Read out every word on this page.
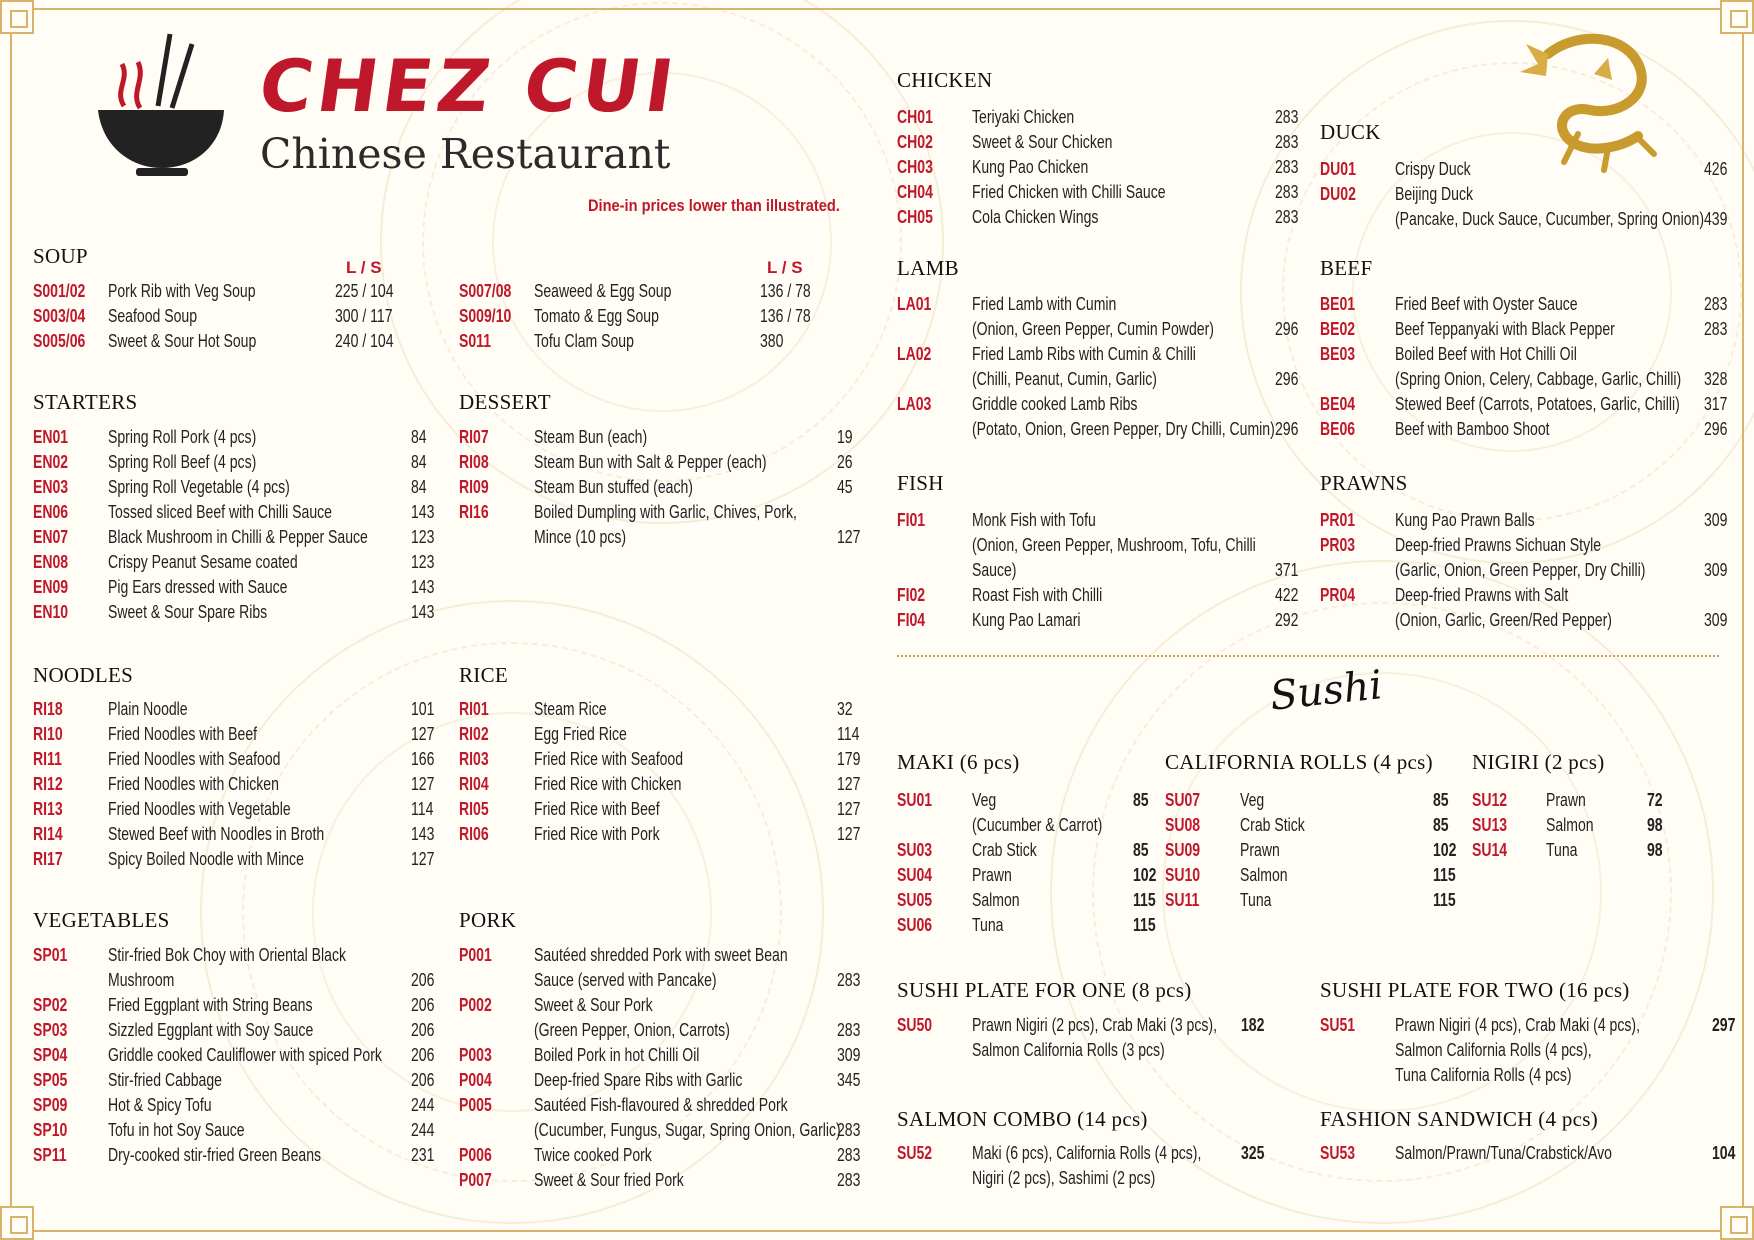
CHEZ CUI
Chinese Restaurant
Dine-in prices lower than illustrated.
Sushi
SOUP	L / S
S001/02 Pork Rib with Veg Soup	225 / 104
S003/04 Seafood Soup	300 / 117
S005/06 Sweet & Sour Hot Soup	240 / 104
L / S
S007/08 Seaweed & Egg Soup	136 / 78
S009/10 Tomato & Egg Soup	136 / 78
S011 Tofu Clam Soup	380
STARTERS
EN01 Spring Roll Pork (4 pcs)	84
EN02 Spring Roll Beef (4 pcs)	84
EN03 Spring Roll Vegetable (4 pcs)	84
EN06 Tossed sliced Beef with Chilli Sauce	143
EN07 Black Mushroom in Chilli & Pepper Sauce 123
EN08 Crispy Peanut Sesame coated	123
EN09 Pig Ears dressed with Sauce	143
EN10 Sweet & Sour Spare Ribs	143
DESSERT
RI07	Steam Bun (each)	19
RI08	Steam Bun with Salt & Pepper (each)	26
RI09	Steam Bun stuffed (each)	45
RI16	Boiled Dumpling with Garlic, Chives, Pork,
Mince (10 pcs)	127
NOODLES
RI18	Plain Noodle	101
RI10	Fried Noodles with Beef	127
RI11	Fried Noodles with Seafood	166
RI12	Fried Noodles with Chicken	127
RI13	Fried Noodles with Vegetable	114
RI14	Stewed Beef with Noodles in Broth	143
RI17	Spicy Boiled Noodle with Mince	127
RICE
RI01	Steam Rice	32
RI02	Egg Fried Rice	114
RI03	Fried Rice with Seafood	179
RI04	Fried Rice with Chicken	127
RI05	Fried Rice with Beef	127
RI06	Fried Rice with Pork	127
VEGETABLES
SP01 Stir-fried Bok Choy with Oriental Black
Mushroom	206
SP02 Fried Eggplant with String Beans	206
SP03 Sizzled Eggplant with Soy Sauce	206
SP04 Griddle cooked Cauliflower with spiced Pork 206
SP05 Stir-fried Cabbage	206
SP09 Hot & Spicy Tofu	244
SP10 Tofu in hot Soy Sauce	244
SP11 Dry-cooked stir-fried Green Beans	231
PORK
P001 Sautéed shredded Pork with sweet Bean
Sauce (served with Pancake)	283
P002 Sweet & Sour Pork
(Green Pepper, Onion, Carrots)	283
P003 Boiled Pork in hot Chilli Oil	309
P004 Deep-fried Spare Ribs with Garlic	345
P005 Sautéed Fish-flavoured & shredded Pork
(Cucumber, Fungus, Sugar, Spring Onion, Garlic)
283
P006 Twice cooked Pork	283
P007 Sweet & Sour fried Pork	283
CHICKEN
CH01 Teriyaki Chicken	283
CH02 Sweet & Sour Chicken	283
CH03 Kung Pao Chicken	283
CH04 Fried Chicken with Chilli Sauce	283
CH05 Cola Chicken Wings	283
DUCK
DU01 Crispy Duck	426
DU02 Beijing Duck
(Pancake, Duck Sauce, Cucumber, Spring Onion) 439
LAMB
LA01 Fried Lamb with Cumin
(Onion, Green Pepper, Cumin Powder)	296
LA02 Fried Lamb Ribs with Cumin & Chilli
(Chilli, Peanut, Cumin, Garlic)	296
LA03 Griddle cooked Lamb Ribs
(Potato, Onion, Green Pepper, Dry Chilli, Cumin) 296
BEEF
BE01 Fried Beef with Oyster Sauce	283
BE02 Beef Teppanyaki with Black Pepper	283
BE03 Boiled Beef with Hot Chilli Oil
(Spring Onion, Celery, Cabbage, Garlic, Chilli) 328
BE04 Stewed Beef (Carrots, Potatoes, Garlic, Chilli) 317
BE06 Beef with Bamboo Shoot	296
FISH
FI01	Monk Fish with Tofu
(Onion, Green Pepper, Mushroom, Tofu, Chilli
Sauce)	371
FI02	Roast Fish with Chilli	422
FI04	Kung Pao Lamari	292
PRAWNS
PR01 Kung Pao Prawn Balls	309
PR03 Deep-fried Prawns Sichuan Style
(Garlic, Onion, Green Pepper, Dry Chilli)	309
PR04 Deep-fried Prawns with Salt
(Onion, Garlic, Green/Red Pepper)	309
MAKI (6 pcs)
SU01 Veg	85
(Cucumber & Carrot)
SU03 Crab Stick	85
SU04 Prawn	102
SU05 Salmon	115
SU06 Tuna	115
CALIFORNIA ROLLS (4 pcs)
SU07 Veg	85
SU08 Crab Stick	85
SU09 Prawn	102
SU10 Salmon	115
SU11 Tuna	115
NIGIRI (2 pcs)
SU12 Prawn	72
SU13 Salmon	98
SU14 Tuna	98
SUSHI PLATE FOR ONE (8 pcs)
SU50 Prawn Nigiri (2 pcs), Crab Maki (3 pcs), 182
Salmon California Rolls (3 pcs)
SUSHI PLATE FOR TWO (16 pcs)
SU51 Prawn Nigiri (4 pcs), Crab Maki (4 pcs),	297
Salmon California Rolls (4 pcs),
Tuna California Rolls (4 pcs)
SALMON COMBO (14 pcs)
SU52 Maki (6 pcs), California Rolls (4 pcs), 325
Nigiri (2 pcs), Sashimi (2 pcs)
FASHION SANDWICH (4 pcs)
SU53 Salmon/Prawn/Tuna/Crabstick/Avo	104
